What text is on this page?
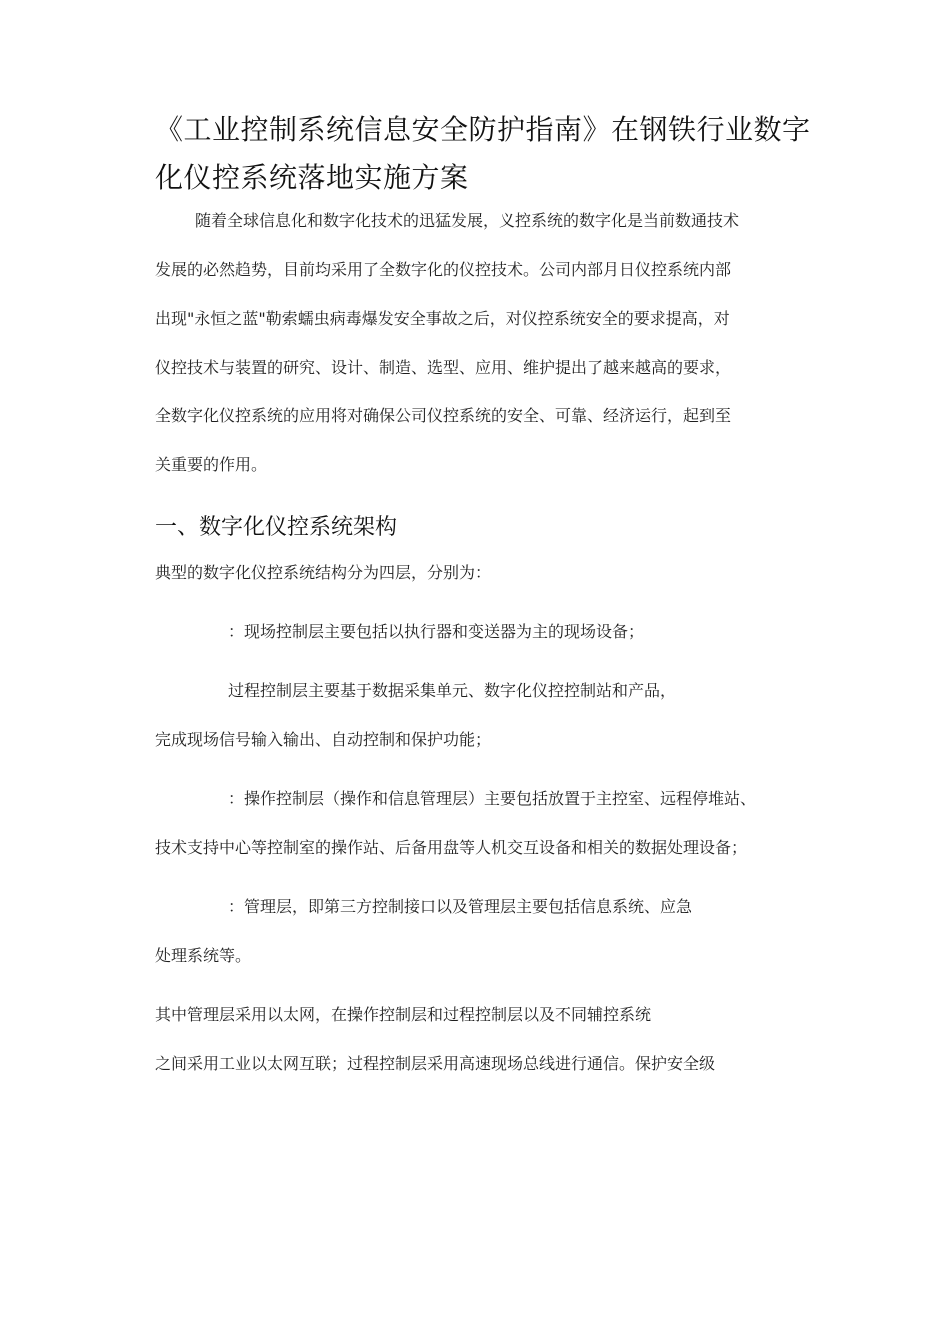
《工业控制系统信息安全防护指南》在钢铁行业数字
化仪控系统落地实施方案
随着全球信息化和数字化技术的迅猛发展，义控系统的数字化是当前数通技术
发展的必然趋势，目前均采用了全数字化的仪控技术。公司内部月日仪控系统内部
出现"永恒之蓝"勒索蠕虫病毒爆发安全事故之后，对仪控系统安全的要求提高，对
仪控技术与装置的研究、设计、制造、选型、应用、维护提出了越来越高的要求，
全数字化仪控系统的应用将对确保公司仪控系统的安全、可靠、经济运行，起到至
关重要的作用。
一、数字化仪控系统架构
典型的数字化仪控系统结构分为四层，分别为：
：现场控制层主要包括以执行器和变送器为主的现场设备；
过程控制层主要基于数据采集单元、数字化仪控控制站和产品，
完成现场信号输入输出、自动控制和保护功能；
：操作控制层（操作和信息管理层）主要包括放置于主控室、远程停堆站、
技术支持中心等控制室的操作站、后备用盘等人机交互设备和相关的数据处理设备；
：管理层，即第三方控制接口以及管理层主要包括信息系统、应急
处理系统等。
其中管理层采用以太网，在操作控制层和过程控制层以及不同辅控系统
之间采用工业以太网互联；过程控制层采用高速现场总线进行通信。保护安全级
